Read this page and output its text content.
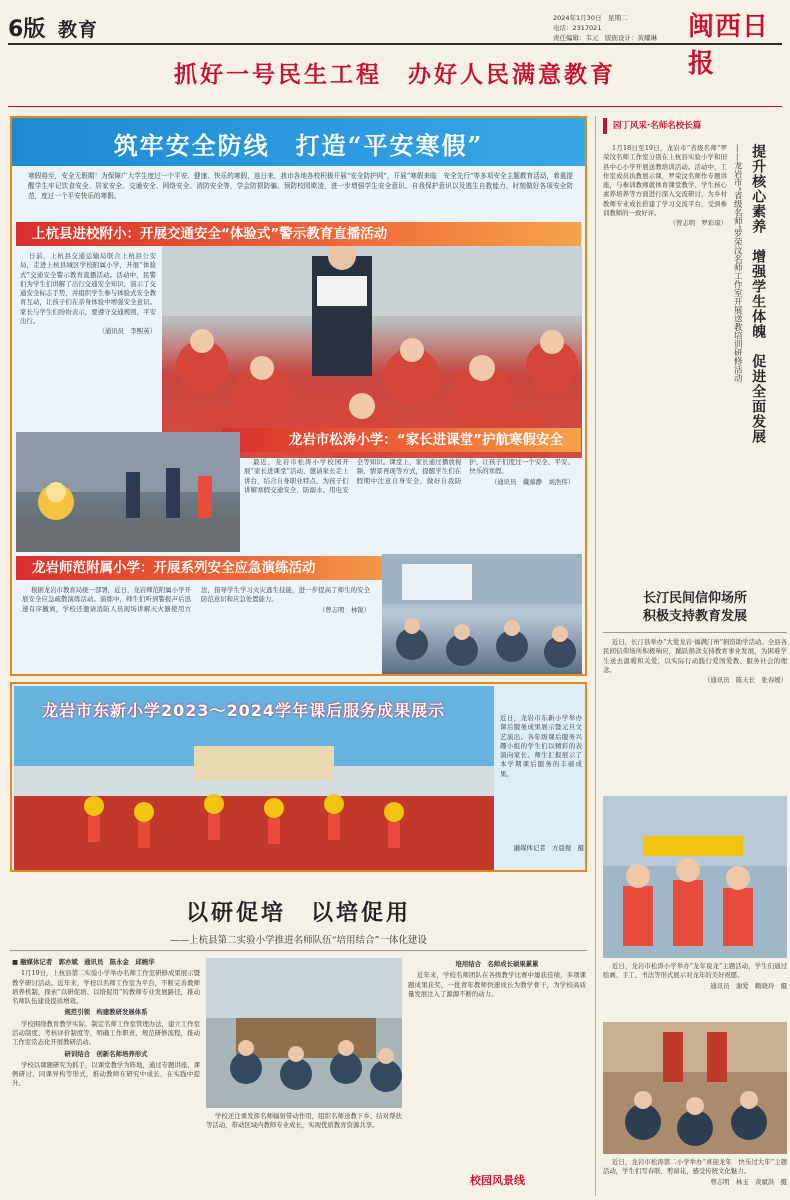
6版 教育
2024年1月30日　星期二
电话：2317021
责任编辑：韦元　版面设计：黄耀琳 闽西日报
抓好一号民生工程　办好人民满意教育
筑牢安全防线　打造“平安寒假”
寒假将至，安全无假期！为保障广大学生度过一个平安、健康、快乐的寒假，连日来，我市各地各校积极开展“安全防护网”，开展“寒假来临　安全先行”等多项安全主题教育活动，着重提醒学生牢记饮食安全、居家安全、交通安全、网络安全、消防安全等，学会防损防骗、预防校园欺凌，进一步增强学生安全意识、自我保护意识以及逃生自救能力，时刻做好各项安全防范，度过一个平安快乐的寒假。
上杭县进校附小：开展交通安全“体验式”警示教育直播活动

日前，上杭县交通运输局联合上杭县公安局，走进上杭县城区学校附属小学，开展“体验式”交通安全警示教育直播活动。活动中，民警们为学生们讲解了出行交通安全知识，演示了交通安全标志手势，并组织学生参与体验式安全教育互动，让孩子们在亲身体验中增强安全意识。家长与学生们纷纷表示，要遵守交通规则，平安出行。

（通讯员　李熙英）

龙岩市松涛小学：“家长进课堂”护航寒假安全

最近，龙岩市松涛小学校园开展“家长进课堂”活动，邀请家长走上讲台，结合自身职业特点，为孩子们讲解寒假交通安全、防溺水、用电安全等知识。课堂上，家长通过播放视频、情景再现等方式，提醒学生们在假期中注意自身安全，做好自我防护，让孩子们度过一个安全、平安、快乐的寒假。

（通讯员　戴慕静　刘浩伟）

龙岩师范附属小学：开展系列安全应急演练活动

根据龙岩市教育局统一部署，近日，龙岩师范附属小学开展安全应急疏散演练活动。演练中，师生们听到警报声后迅速有序撤离，学校还邀请消防人员现场讲解灭火器使用方法，指导学生学习火灾逃生技能，进一步提高了师生的安全防范意识和应急处置能力。

（曾志明　林锐）

龙岩市东新小学2023～2024学年课后服务成果展示	近日，龙岩市东新小学举办课后服务成果展示暨元旦文艺演出。各年级课后服务兴趣小组的学生们以精彩的表演向家长、师生汇报展示了本学期课后服务的丰硕成果。
融媒体记者　方晨煜　摄
以研促培　以培促用
——上杭县第二实验小学推进名师队伍“培用结合”一体化建设
■ 融媒体记者　郭亦斌　通讯员　陈永金　邱婉华

1月19日，上杭县第二实验小学举办名师工作室研修成果展示暨教学研讨活动。近年来，学校以名师工作室为平台，不断完善教师培养机制，探索“以研促培、以培促用”的教师专业发展路径，推动名师队伍建设提质增效。

规范引领　构建教研发展体系

学校围绕教育教学实际，制定名师工作室管理办法，建立工作室活动制度、考核评价制度等，明确工作职责，规范研修流程，推动工作室常态化开展教研活动。

研训结合　创新名师培养形式

学校以课题研究为抓手，以课堂教学为阵地，通过专题讲座、课例研讨、同课异构等形式，推动教师在研究中成长，在实践中提升。

学校还注重发挥名师辐射带动作用，组织名师送教下乡、结对帮扶等活动，带动区域内教师专业成长，实现优质教育资源共享。

培用结合　名师成长硕果累累

近年来，学校名师团队在各级教学比赛中屡获佳绩，多项课题成果获奖，一批青年教师快速成长为教学骨干，为学校高质量发展注入了源源不断的动力。

校园风景线
园丁风采·名师名校长篇
提升核心素养　增强学生体魄　促进全面发展
——龙岩市“省级名师”罗荣汶名师工作室开展送教培训研修活动

1月18日至19日，龙岩市“省级名师”罗荣汶名师工作室分别在上杭县实验小学和旧县中心小学开展送教培训活动。活动中，工作室成员执教展示课，罗荣汶名师作专题讲座，与参训教师就体育课堂教学、学生核心素养培养等方面进行深入交流研讨，为乡村教师专业成长搭建了学习交流平台，受到参训教师的一致好评。

（曾志明　罗彩琼）

长汀民间信仰场所
积极支持教育发展

近日，长汀县举办“大爱龙岩·福满汀州”捐资助学活动。全县各民间信仰场所积极响应，踊跃捐款支持教育事业发展，为困难学生送去温暖和关爱，以实际行动践行爱国爱教、服务社会的理念。

（通讯员　陈天长　张春媛）

近日，龙岩市松涛小学举办“龙年说龙”主题活动，学生们通过绘画、手工、书法等形式展示对龙年的美好祝愿。

通讯员　谢爱　赖晓玲　摄

近日，龙岩市松涛第二小学举办“喜迎龙年　快乐过大年”主题活动，学生们写春联、剪窗花，感受传统文化魅力。

曾志明　林玉　黄斌洪　摄
